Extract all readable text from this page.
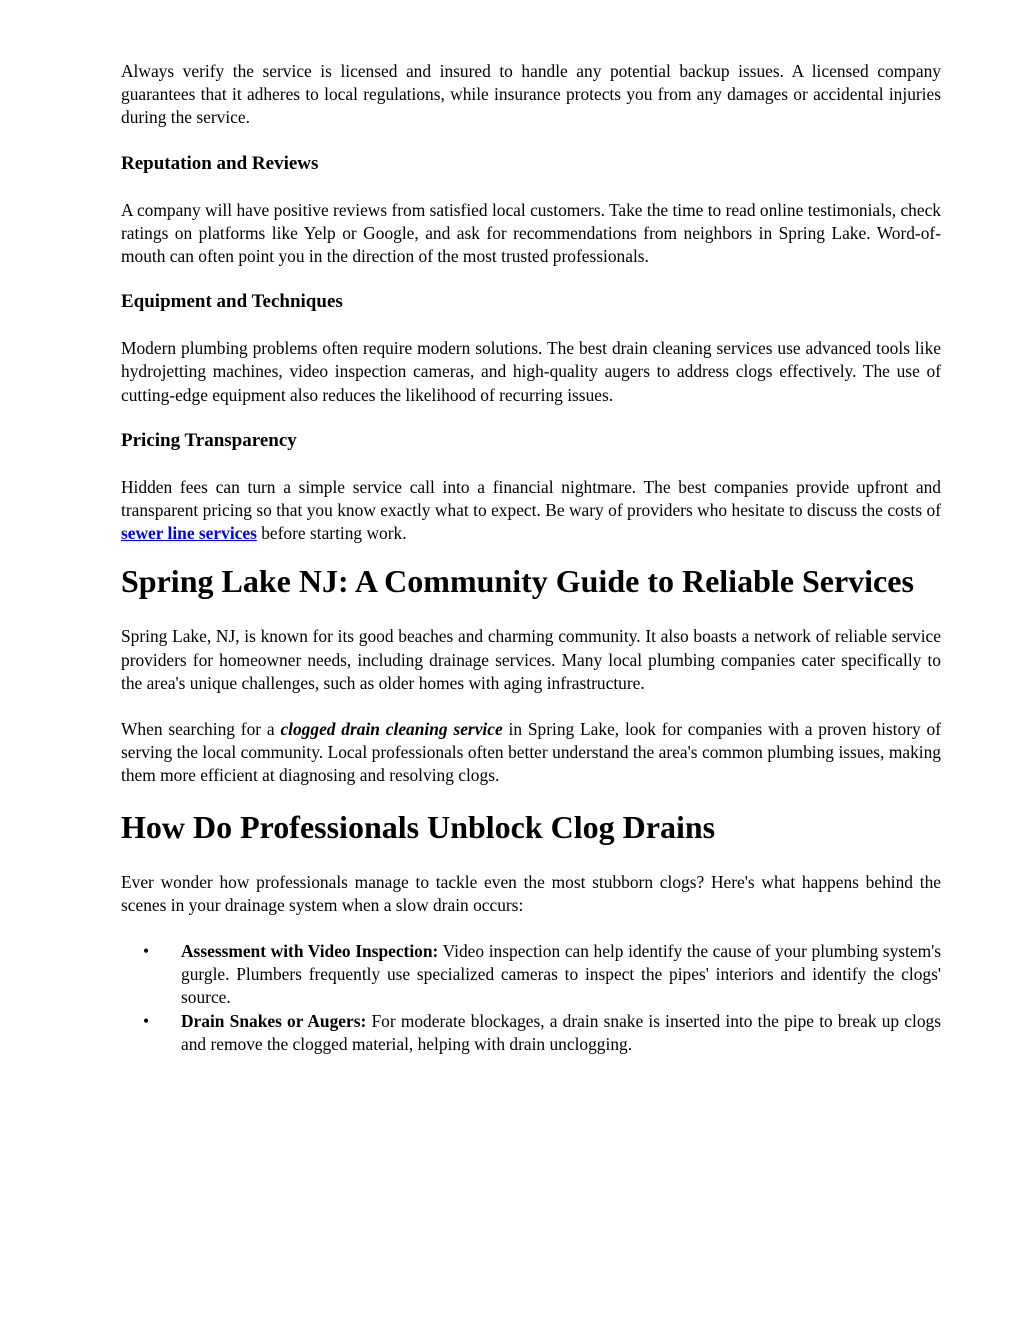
Always verify the service is licensed and insured to handle any potential backup issues. A licensed company guarantees that it adheres to local regulations, while insurance protects you from any damages or accidental injuries during the service.

Reputation and Reviews

A company will have positive reviews from satisfied local customers. Take the time to read online testimonials, check ratings on platforms like Yelp or Google, and ask for recommendations from neighbors in Spring Lake. Word-of-mouth can often point you in the direction of the most trusted professionals.

Equipment and Techniques

Modern plumbing problems often require modern solutions. The best drain cleaning services use advanced tools like hydrojetting machines, video inspection cameras, and high-quality augers to address clogs effectively. The use of cutting-edge equipment also reduces the likelihood of recurring issues.

Pricing Transparency

Hidden fees can turn a simple service call into a financial nightmare. The best companies provide upfront and transparent pricing so that you know exactly what to expect. Be wary of providers who hesitate to discuss the costs of sewer line services before starting work.

Spring Lake NJ: A Community Guide to Reliable Services

Spring Lake, NJ, is known for its good beaches and charming community. It also boasts a network of reliable service providers for homeowner needs, including drainage services. Many local plumbing companies cater specifically to the area's unique challenges, such as older homes with aging infrastructure.

When searching for a clogged drain cleaning service in Spring Lake, look for companies with a proven history of serving the local community. Local professionals often better understand the area's common plumbing issues, making them more efficient at diagnosing and resolving clogs.

How Do Professionals Unblock Clog Drains

Ever wonder how professionals manage to tackle even the most stubborn clogs? Here's what happens behind the scenes in your drainage system when a slow drain occurs:

• Assessment with Video Inspection: Video inspection can help identify the cause of your plumbing system's gurgle. Plumbers frequently use specialized cameras to inspect the pipes' interiors and identify the clogs' source.
• Drain Snakes or Augers: For moderate blockages, a drain snake is inserted into the pipe to break up clogs and remove the clogged material, helping with drain unclogging.
